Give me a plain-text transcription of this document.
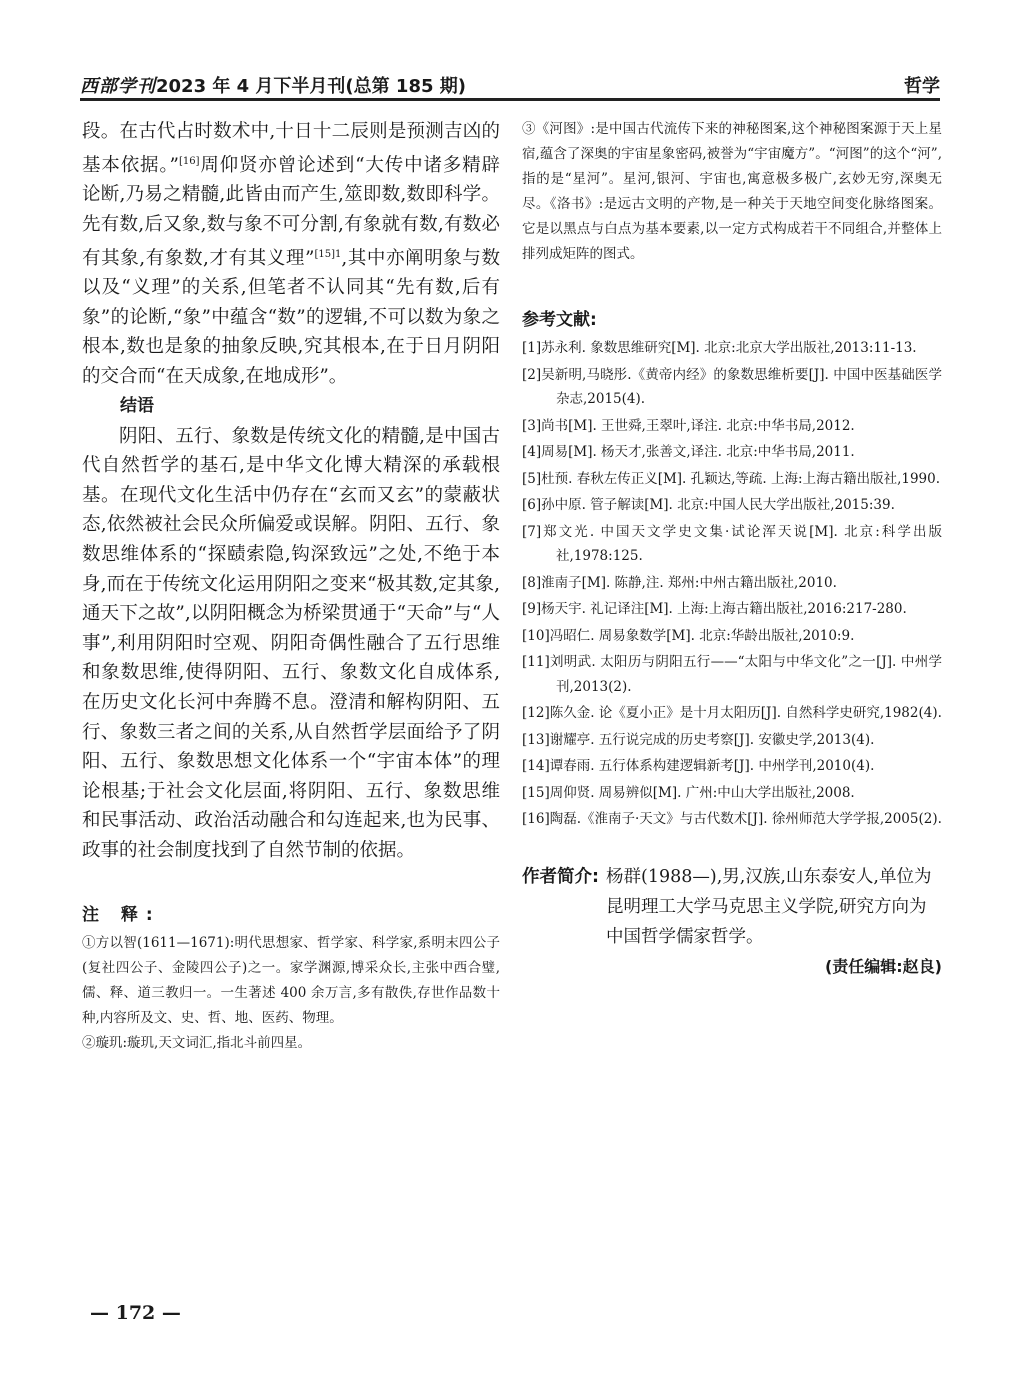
西部学刊2023 年 4 月下半月刊(总第 185 期)	哲学

段。在古代占时数术中,十日十二辰则是预测吉凶的基本依据。”[16]周仰贤亦曾论述到“大传中诸多精辟论断,乃易之精髓,此皆由而产生,筮即数,数即科学。先有数,后又象,数与象不可分割,有象就有数,有数必有其象,有象数,才有其义理”$^{[15]1}$,其中亦阐明象与数以及“义理”的关系,但笔者不认同其“先有数,后有象”的论断,“象”中蕴含“数”的逻辑,不可以数为象之根本,数也是象的抽象反映,究其根本,在于日月阴阳的交合而“在天成象,在地成形”。

结语

阴阳、五行、象数是传统文化的精髓,是中国古代自然哲学的基石,是中华文化博大精深的承载根基。在现代文化生活中仍存在“玄而又玄”的蒙蔽状态,依然被社会民众所偏爱或误解。阴阳、五行、象数思维体系的“探赜索隐,钩深致远”之处,不绝于本身,而在于传统文化运用阴阳之变来“极其数,定其象,通天下之故”,以阴阳概念为桥梁贯通于“天命”与“人事”,利用阴阳时空观、阴阳奇偶性融合了五行思维和象数思维,使得阴阳、五行、象数文化自成体系,在历史文化长河中奔腾不息。澄清和解构阴阳、五行、象数三者之间的关系,从自然哲学层面给予了阴阳、五行、象数思想文化体系一个“宇宙本体”的理论根基;于社会文化层面,将阴阳、五行、象数思维和民事活动、政治活动融合和勾连起来,也为民事、政事的社会制度找到了自然节制的依据。

注 释:

①方以智(1611—1671):明代思想家、哲学家、科学家,系明末四公子(复社四公子、金陵四公子)之一。家学渊源,博采众长,主张中西合璧,儒、释、道三教归一。一生著述 400 余万言,多有散佚,存世作品数十种,内容所及文、史、哲、地、医药、物理。

②璇玑:璇玑,天文词汇,指北斗前四星。

③《河图》:是中国古代流传下来的神秘图案,这个神秘图案源于天上星宿,蕴含了深奥的宇宙星象密码,被誉为“宇宙魔方”。“河图”的这个“河”,指的是“星河”。星河,银河、宇宙也,寓意极多极广,玄妙无穷,深奥无尽。《洛书》:是远古文明的产物,是一种关于天地空间变化脉络图案。它是以黑点与白点为基本要素,以一定方式构成若干不同组合,并整体上排列成矩阵的图式。

参考文献:

[1]苏永利. 象数思维研究[M]. 北京:北京大学出版社,2013:11-13.

[2]吴新明,马晓彤.《黄帝内经》的象数思维析要[J]. 中国中医基础医学杂志,2015(4).

[3]尚书[M]. 王世舜,王翠叶,译注. 北京:中华书局,2012.

[4]周易[M]. 杨天才,张善文,译注. 北京:中华书局,2011.

[5]杜预. 春秋左传正义[M]. 孔颖达,等疏. 上海:上海古籍出版社,1990.

[6]孙中原. 管子解读[M]. 北京:中国人民大学出版社,2015:39.

[7]郑文光. 中国天文学史文集·试论浑天说[M]. 北京:科学出版社,1978:125.

[8]淮南子[M]. 陈静,注. 郑州:中州古籍出版社,2010.

[9]杨天宇. 礼记译注[M]. 上海:上海古籍出版社,2016:217-280.

[10]冯昭仁. 周易象数学[M]. 北京:华龄出版社,2010:9.

[11]刘明武. 太阳历与阴阳五行——“太阳与中华文化”之一[J]. 中州学刊,2013(2).

[12]陈久金. 论《夏小正》是十月太阳历[J]. 自然科学史研究,1982(4).

[13]谢耀亭. 五行说完成的历史考察[J]. 安徽史学,2013(4).

[14]谭春雨. 五行体系构建逻辑新考[J]. 中州学刊,2010(4).

[15]周仰贤. 周易辨似[M]. 广州:中山大学出版社,2008.

[16]陶磊.《淮南子·天文》与古代数术[J]. 徐州师范大学学报,2005(2).

作者简介: 杨群(1988—),男,汉族,山东泰安人,单位为昆明理工大学马克思主义学院,研究方向为中国哲学儒家哲学。
(责任编辑:赵良)
— 172 —
